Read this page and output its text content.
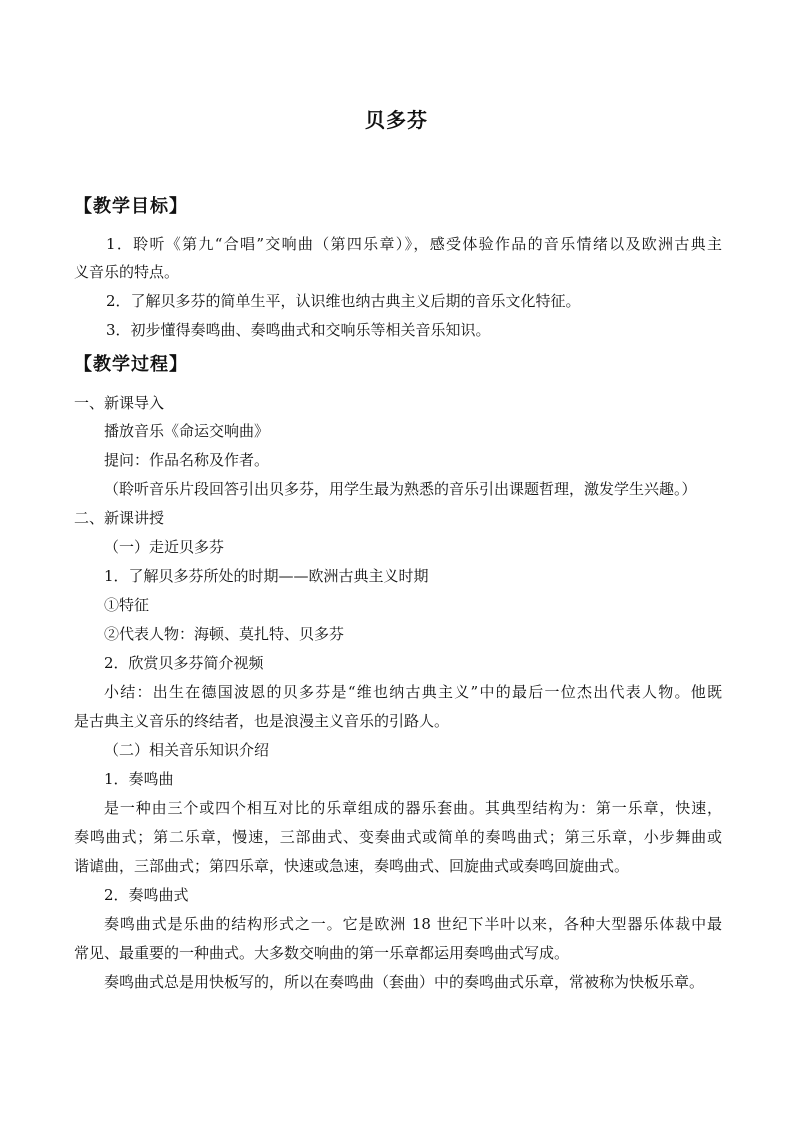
贝多芬
【教学目标】
1．聆听《第九“合唱”交响曲（第四乐章）》，感受体验作品的音乐情绪以及欧洲古典主
义音乐的特点。
2．了解贝多芬的简单生平，认识维也纳古典主义后期的音乐文化特征。
3．初步懂得奏鸣曲、奏鸣曲式和交响乐等相关音乐知识。
【教学过程】
一、新课导入
播放音乐《命运交响曲》
提问：作品名称及作者。
（聆听音乐片段回答引出贝多芬，用学生最为熟悉的音乐引出课题哲理，激发学生兴趣。）
二、新课讲授
（一）走近贝多芬
1．了解贝多芬所处的时期——欧洲古典主义时期
①特征
②代表人物：海顿、莫扎特、贝多芬
2．欣赏贝多芬简介视频
小结：出生在德国波恩的贝多芬是“维也纳古典主义”中的最后一位杰出代表人物。他既
是古典主义音乐的终结者，也是浪漫主义音乐的引路人。
（二）相关音乐知识介绍
1．奏鸣曲
是一种由三个或四个相互对比的乐章组成的器乐套曲。其典型结构为：第一乐章，快速，
奏鸣曲式；第二乐章，慢速，三部曲式、变奏曲式或简单的奏鸣曲式；第三乐章，小步舞曲或
谐谑曲，三部曲式；第四乐章，快速或急速，奏鸣曲式、回旋曲式或奏鸣回旋曲式。
2．奏鸣曲式
奏鸣曲式是乐曲的结构形式之一。它是欧洲 18 世纪下半叶以来，各种大型器乐体裁中最
常见、最重要的一种曲式。大多数交响曲的第一乐章都运用奏鸣曲式写成。
奏鸣曲式总是用快板写的，所以在奏鸣曲（套曲）中的奏鸣曲式乐章，常被称为快板乐章。
